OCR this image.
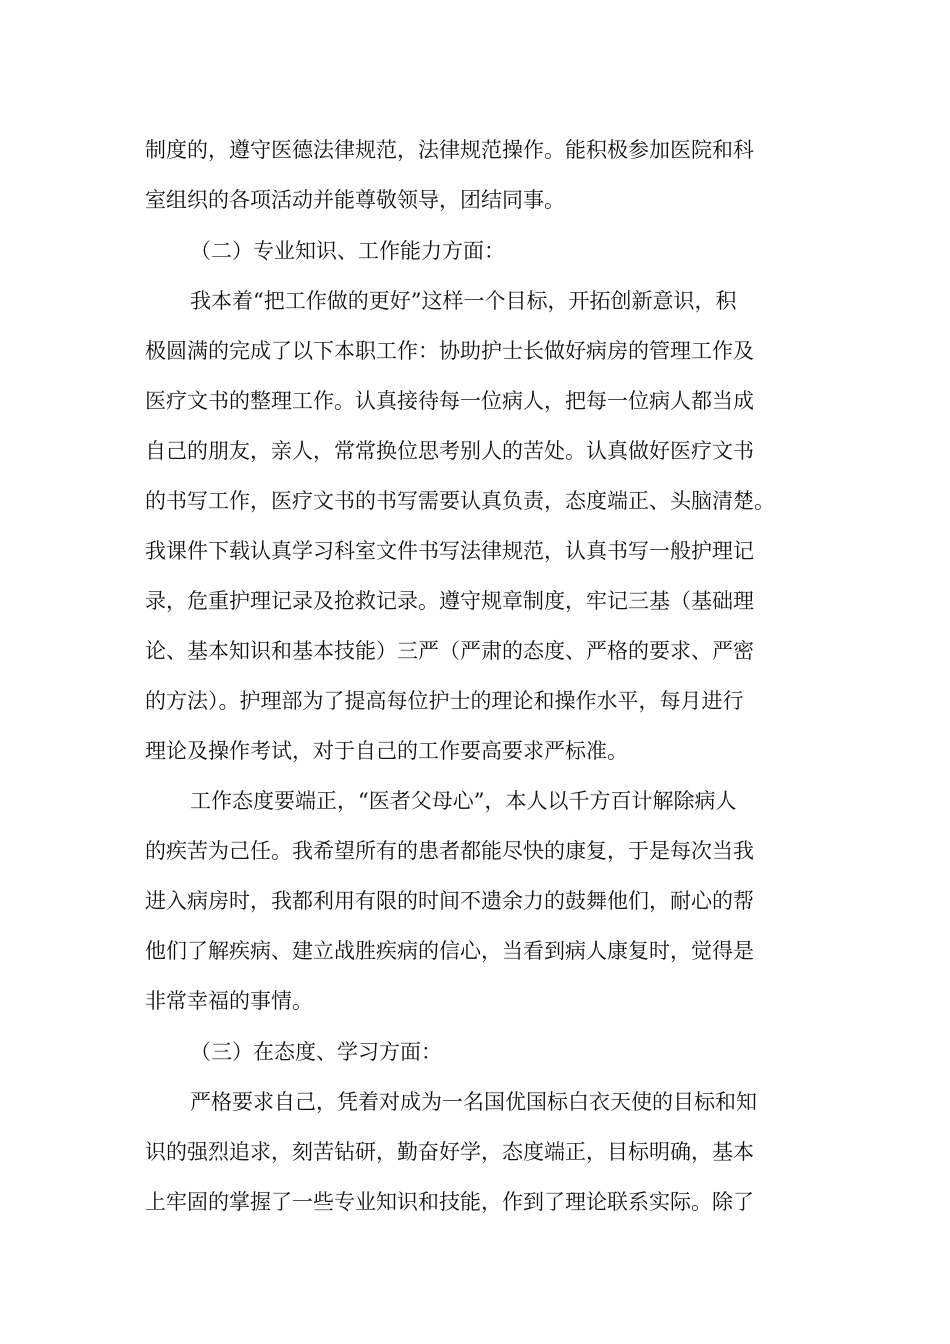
制度的，遵守医德法律规范，法律规范操作。能积极参加医院和科
室组织的各项活动并能尊敬领导，团结同事。
（二）专业知识、工作能力方面：
我本着“把工作做的更好”这样一个目标，开拓创新意识，积
极圆满的完成了以下本职工作：协助护士长做好病房的管理工作及
医疗文书的整理工作。认真接待每一位病人，把每一位病人都当成
自己的朋友，亲人，常常换位思考别人的苦处。认真做好医疗文书
的书写工作，医疗文书的书写需要认真负责，态度端正、头脑清楚。
我课件下载认真学习科室文件书写法律规范，认真书写一般护理记
录，危重护理记录及抢救记录。遵守规章制度，牢记三基（基础理
论、基本知识和基本技能）三严（严肃的态度、严格的要求、严密
的方法）。护理部为了提高每位护士的理论和操作水平，每月进行
理论及操作考试，对于自己的工作要高要求严标准。
工作态度要端正，“医者父母心”，本人以千方百计解除病人
的疾苦为己任。我希望所有的患者都能尽快的康复，于是每次当我
进入病房时，我都利用有限的时间不遗余力的鼓舞他们，耐心的帮
他们了解疾病、建立战胜疾病的信心，当看到病人康复时，觉得是
非常幸福的事情。
（三）在态度、学习方面：
严格要求自己，凭着对成为一名国优国标白衣天使的目标和知
识的强烈追求，刻苦钻研，勤奋好学，态度端正，目标明确，基本
上牢固的掌握了一些专业知识和技能，作到了理论联系实际。除了
